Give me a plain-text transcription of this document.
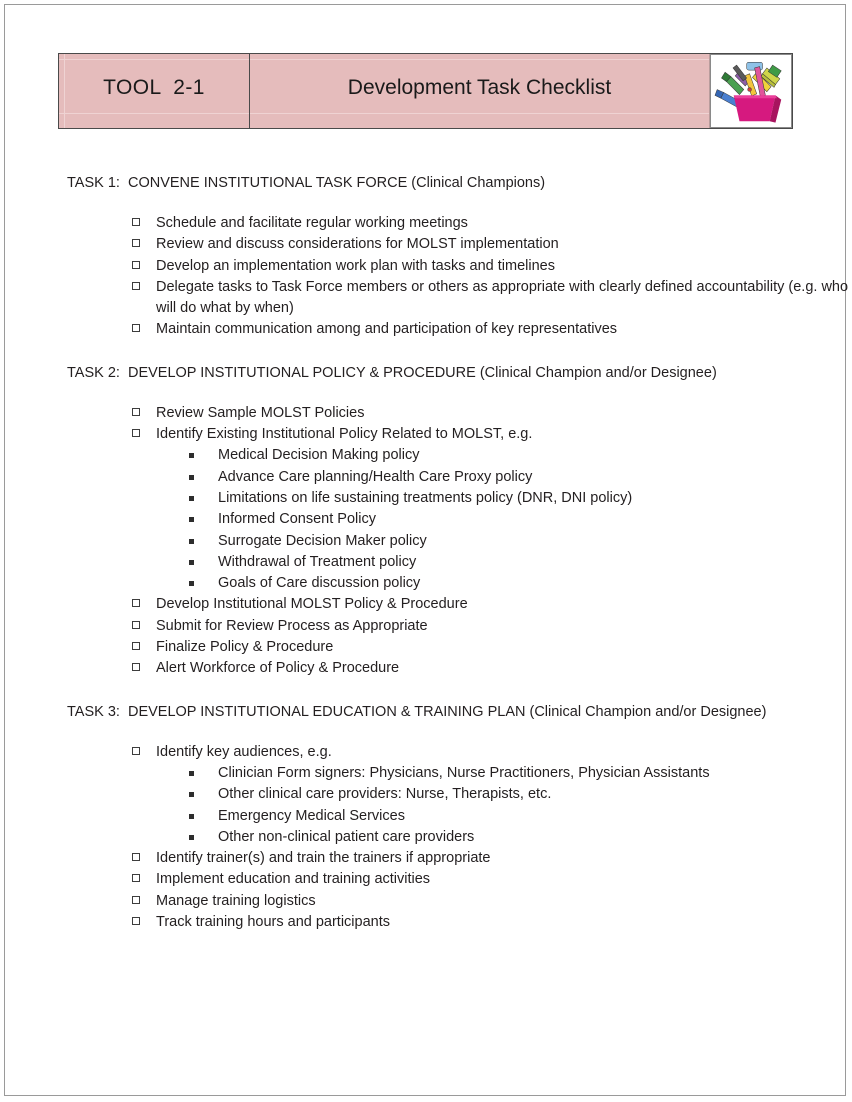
TOOL  2-1	Development Task Checklist
TASK 1:  CONVENE INSTITUTIONAL TASK FORCE (Clinical Champions)
Schedule and facilitate regular working meetings
Review and discuss considerations for MOLST implementation
Develop an implementation work plan with tasks and timelines
Delegate tasks to Task Force members or others as appropriate with clearly defined accountability (e.g. who will do what by when)
Maintain communication among and participation of key representatives
TASK 2:  DEVELOP INSTITUTIONAL POLICY & PROCEDURE (Clinical Champion and/or Designee)
Review Sample MOLST Policies
Identify Existing Institutional Policy Related to MOLST, e.g.
Medical Decision Making policy
Advance Care planning/Health Care Proxy policy
Limitations on life sustaining treatments policy (DNR, DNI policy)
Informed Consent Policy
Surrogate Decision Maker policy
Withdrawal of Treatment policy
Goals of Care discussion policy
Develop Institutional MOLST Policy & Procedure
Submit for Review Process as Appropriate
Finalize Policy & Procedure
Alert Workforce of Policy & Procedure
TASK 3:  DEVELOP INSTITUTIONAL EDUCATION & TRAINING PLAN (Clinical Champion and/or Designee)
Identify key audiences, e.g.
Clinician Form signers: Physicians, Nurse Practitioners, Physician Assistants
Other clinical care providers: Nurse, Therapists, etc.
Emergency Medical Services
Other non-clinical patient care providers
Identify trainer(s) and train the trainers if appropriate
Implement education and training activities
Manage training logistics
Track training hours and participants
